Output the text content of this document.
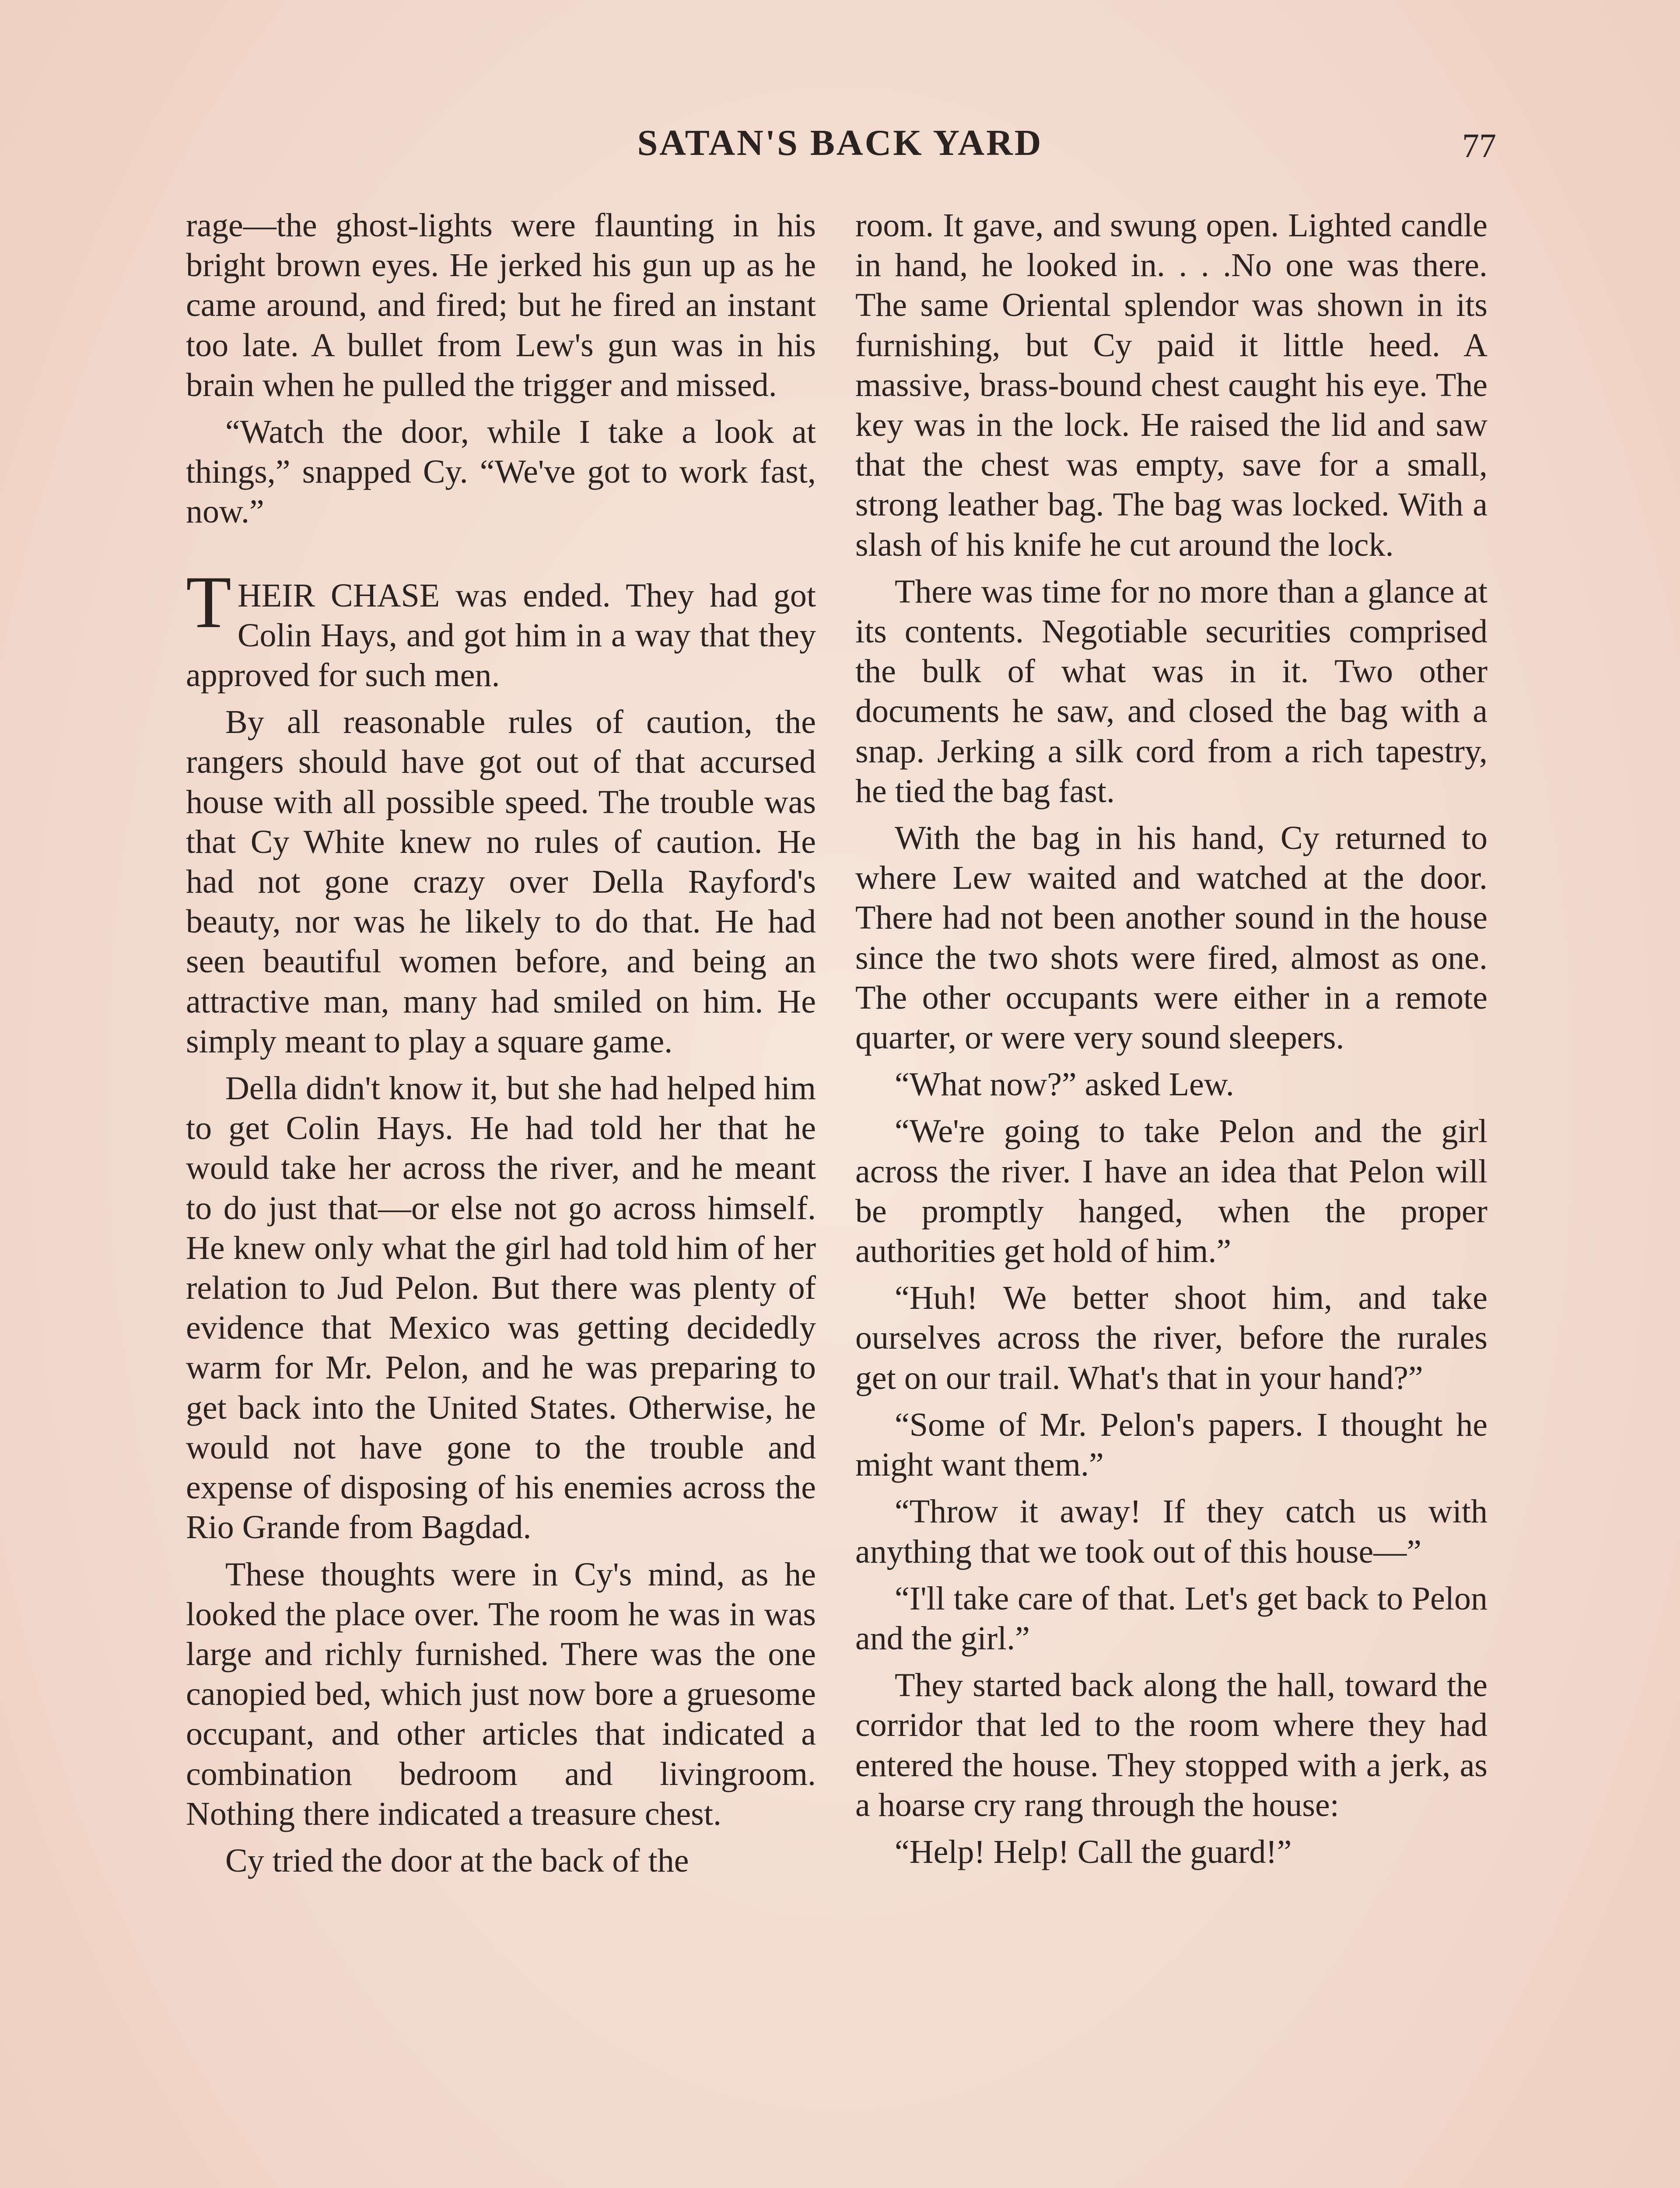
SATAN'S BACK YARD	77

rage—the ghost-lights were flaunting in his bright brown eyes. He jerked his gun up as he came around, and fired; but he fired an instant too late. A bullet from Lew's gun was in his brain when he pulled the trigger and missed.

“Watch the door, while I take a look at things,” snapped Cy. “We've got to work fast, now.”

THEIR CHASE was ended. They had got Colin Hays, and got him in a way that they approved for such men.

By all reasonable rules of caution, the rangers should have got out of that accursed house with all possible speed. The trouble was that Cy White knew no rules of caution. He had not gone crazy over Della Rayford's beauty, nor was he likely to do that. He had seen beautiful women before, and being an attractive man, many had smiled on him. He simply meant to play a square game.

Della didn't know it, but she had helped him to get Colin Hays. He had told her that he would take her across the river, and he meant to do just that—or else not go across himself. He knew only what the girl had told him of her relation to Jud Pelon. But there was plenty of evidence that Mexico was getting decidedly warm for Mr. Pelon, and he was preparing to get back into the United States. Otherwise, he would not have gone to the trouble and expense of disposing of his enemies across the Rio Grande from Bagdad.

These thoughts were in Cy's mind, as he looked the place over. The room he was in was large and richly furnished. There was the one canopied bed, which just now bore a gruesome occupant, and other articles that indicated a combination bedroom and livingroom. Nothing there indicated a treasure chest.

Cy tried the door at the back of the

room. It gave, and swung open. Lighted candle in hand, he looked in. . . .No one was there. The same Oriental splendor was shown in its furnishing, but Cy paid it little heed. A massive, brass-bound chest caught his eye. The key was in the lock. He raised the lid and saw that the chest was empty, save for a small, strong leather bag. The bag was locked. With a slash of his knife he cut around the lock.

There was time for no more than a glance at its contents. Negotiable securities comprised the bulk of what was in it. Two other documents he saw, and closed the bag with a snap. Jerking a silk cord from a rich tapestry, he tied the bag fast.

With the bag in his hand, Cy returned to where Lew waited and watched at the door. There had not been another sound in the house since the two shots were fired, almost as one. The other occupants were either in a remote quarter, or were very sound sleepers.

“What now?” asked Lew.

“We're going to take Pelon and the girl across the river. I have an idea that Pelon will be promptly hanged, when the proper authorities get hold of him.”

“Huh! We better shoot him, and take ourselves across the river, before the rurales get on our trail. What's that in your hand?”

“Some of Mr. Pelon's papers. I thought he might want them.”

“Throw it away! If they catch us with anything that we took out of this house—”

“I'll take care of that. Let's get back to Pelon and the girl.”

They started back along the hall, toward the corridor that led to the room where they had entered the house. They stopped with a jerk, as a hoarse cry rang through the house:

“Help! Help! Call the guard!”
